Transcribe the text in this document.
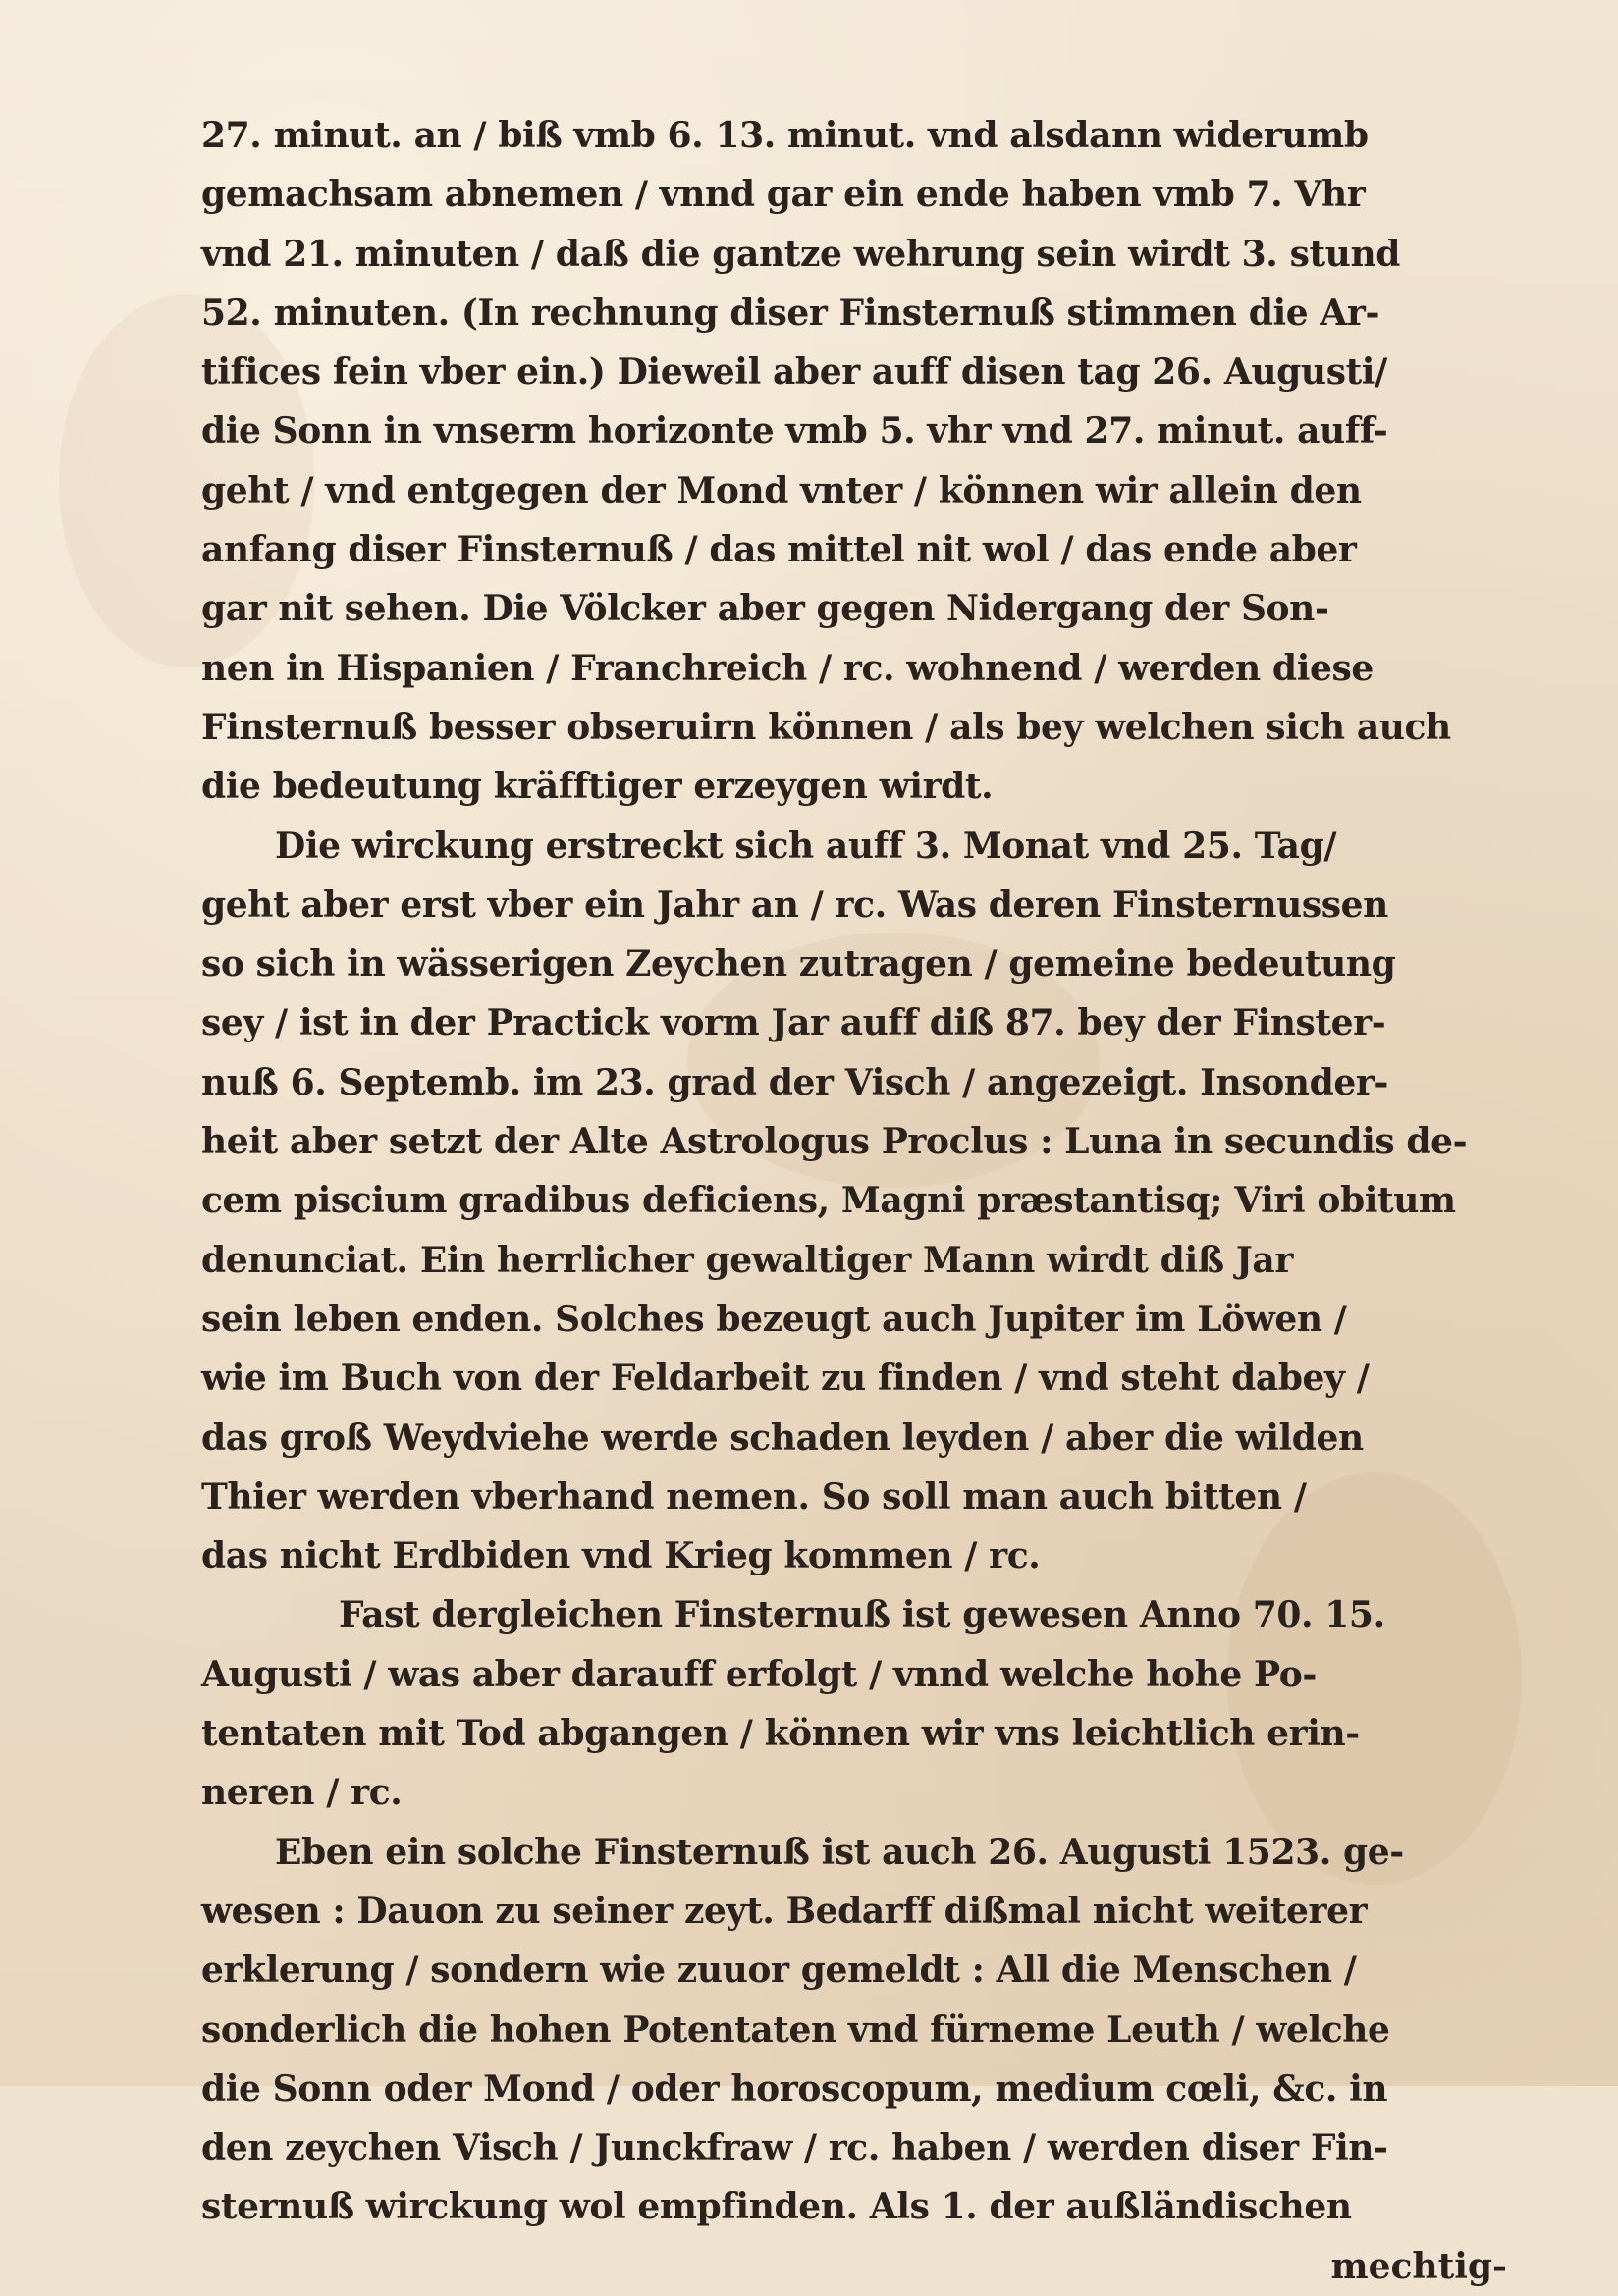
27. minut. an / biß vmb 6. 13. minut. vnd alsdann widerumb
gemachsam abnemen / vnnd gar ein ende haben vmb 7. Vhr
vnd 21. minuten / daß die gantze wehrung sein wirdt 3. stund
52. minuten. (In rechnung diser Finsternuß stimmen die Ar-
tifices fein vber ein.) Dieweil aber auff disen tag 26. Augusti/
die Sonn in vnserm horizonte vmb 5. vhr vnd 27. minut. auff-
geht / vnd entgegen der Mond vnter / können wir allein den
anfang diser Finsternuß / das mittel nit wol / das ende aber
gar nit sehen. Die Völcker aber gegen Nidergang der Son-
nen in Hispanien / Franchreich / rc. wohnend / werden diese
Finsternuß besser obseruirn können / als bey welchen sich auch
die bedeutung kräfftiger erzeygen wirdt.
Die wirckung erstreckt sich auff 3. Monat vnd 25. Tag/
geht aber erst vber ein Jahr an / rc. Was deren Finsternussen
so sich in wässerigen Zeychen zutragen / gemeine bedeutung
sey / ist in der Practick vorm Jar auff diß 87. bey der Finster-
nuß 6. Septemb. im 23. grad der Visch / angezeigt. Insonder-
heit aber setzt der Alte Astrologus Proclus : Luna in secundis de-
cem piscium gradibus deficiens, Magni præstantisq; Viri obitum
denunciat. Ein herrlicher gewaltiger Mann wirdt diß Jar
sein leben enden. Solches bezeugt auch Jupiter im Löwen /
wie im Buch von der Feldarbeit zu finden / vnd steht dabey /
das groß Weydviehe werde schaden leyden / aber die wilden
Thier werden vberhand nemen. So soll man auch bitten /
das nicht Erdbiden vnd Krieg kommen / rc.
Fast dergleichen Finsternuß ist gewesen Anno 70. 15.
Augusti / was aber darauff erfolgt / vnnd welche hohe Po-
tentaten mit Tod abgangen / können wir vns leichtlich erin-
neren / rc.
Eben ein solche Finsternuß ist auch 26. Augusti 1523. ge-
wesen : Dauon zu seiner zeyt. Bedarff dißmal nicht weiterer
erklerung / sondern wie zuuor gemeldt : All die Menschen /
sonderlich die hohen Potentaten vnd fürneme Leuth / welche
die Sonn oder Mond / oder horoscopum, medium cœli, &c. in
den zeychen Visch / Junckfraw / rc. haben / werden diser Fin-
sternuß wirckung wol empfinden. Als 1. der außländischen
mechtig-
